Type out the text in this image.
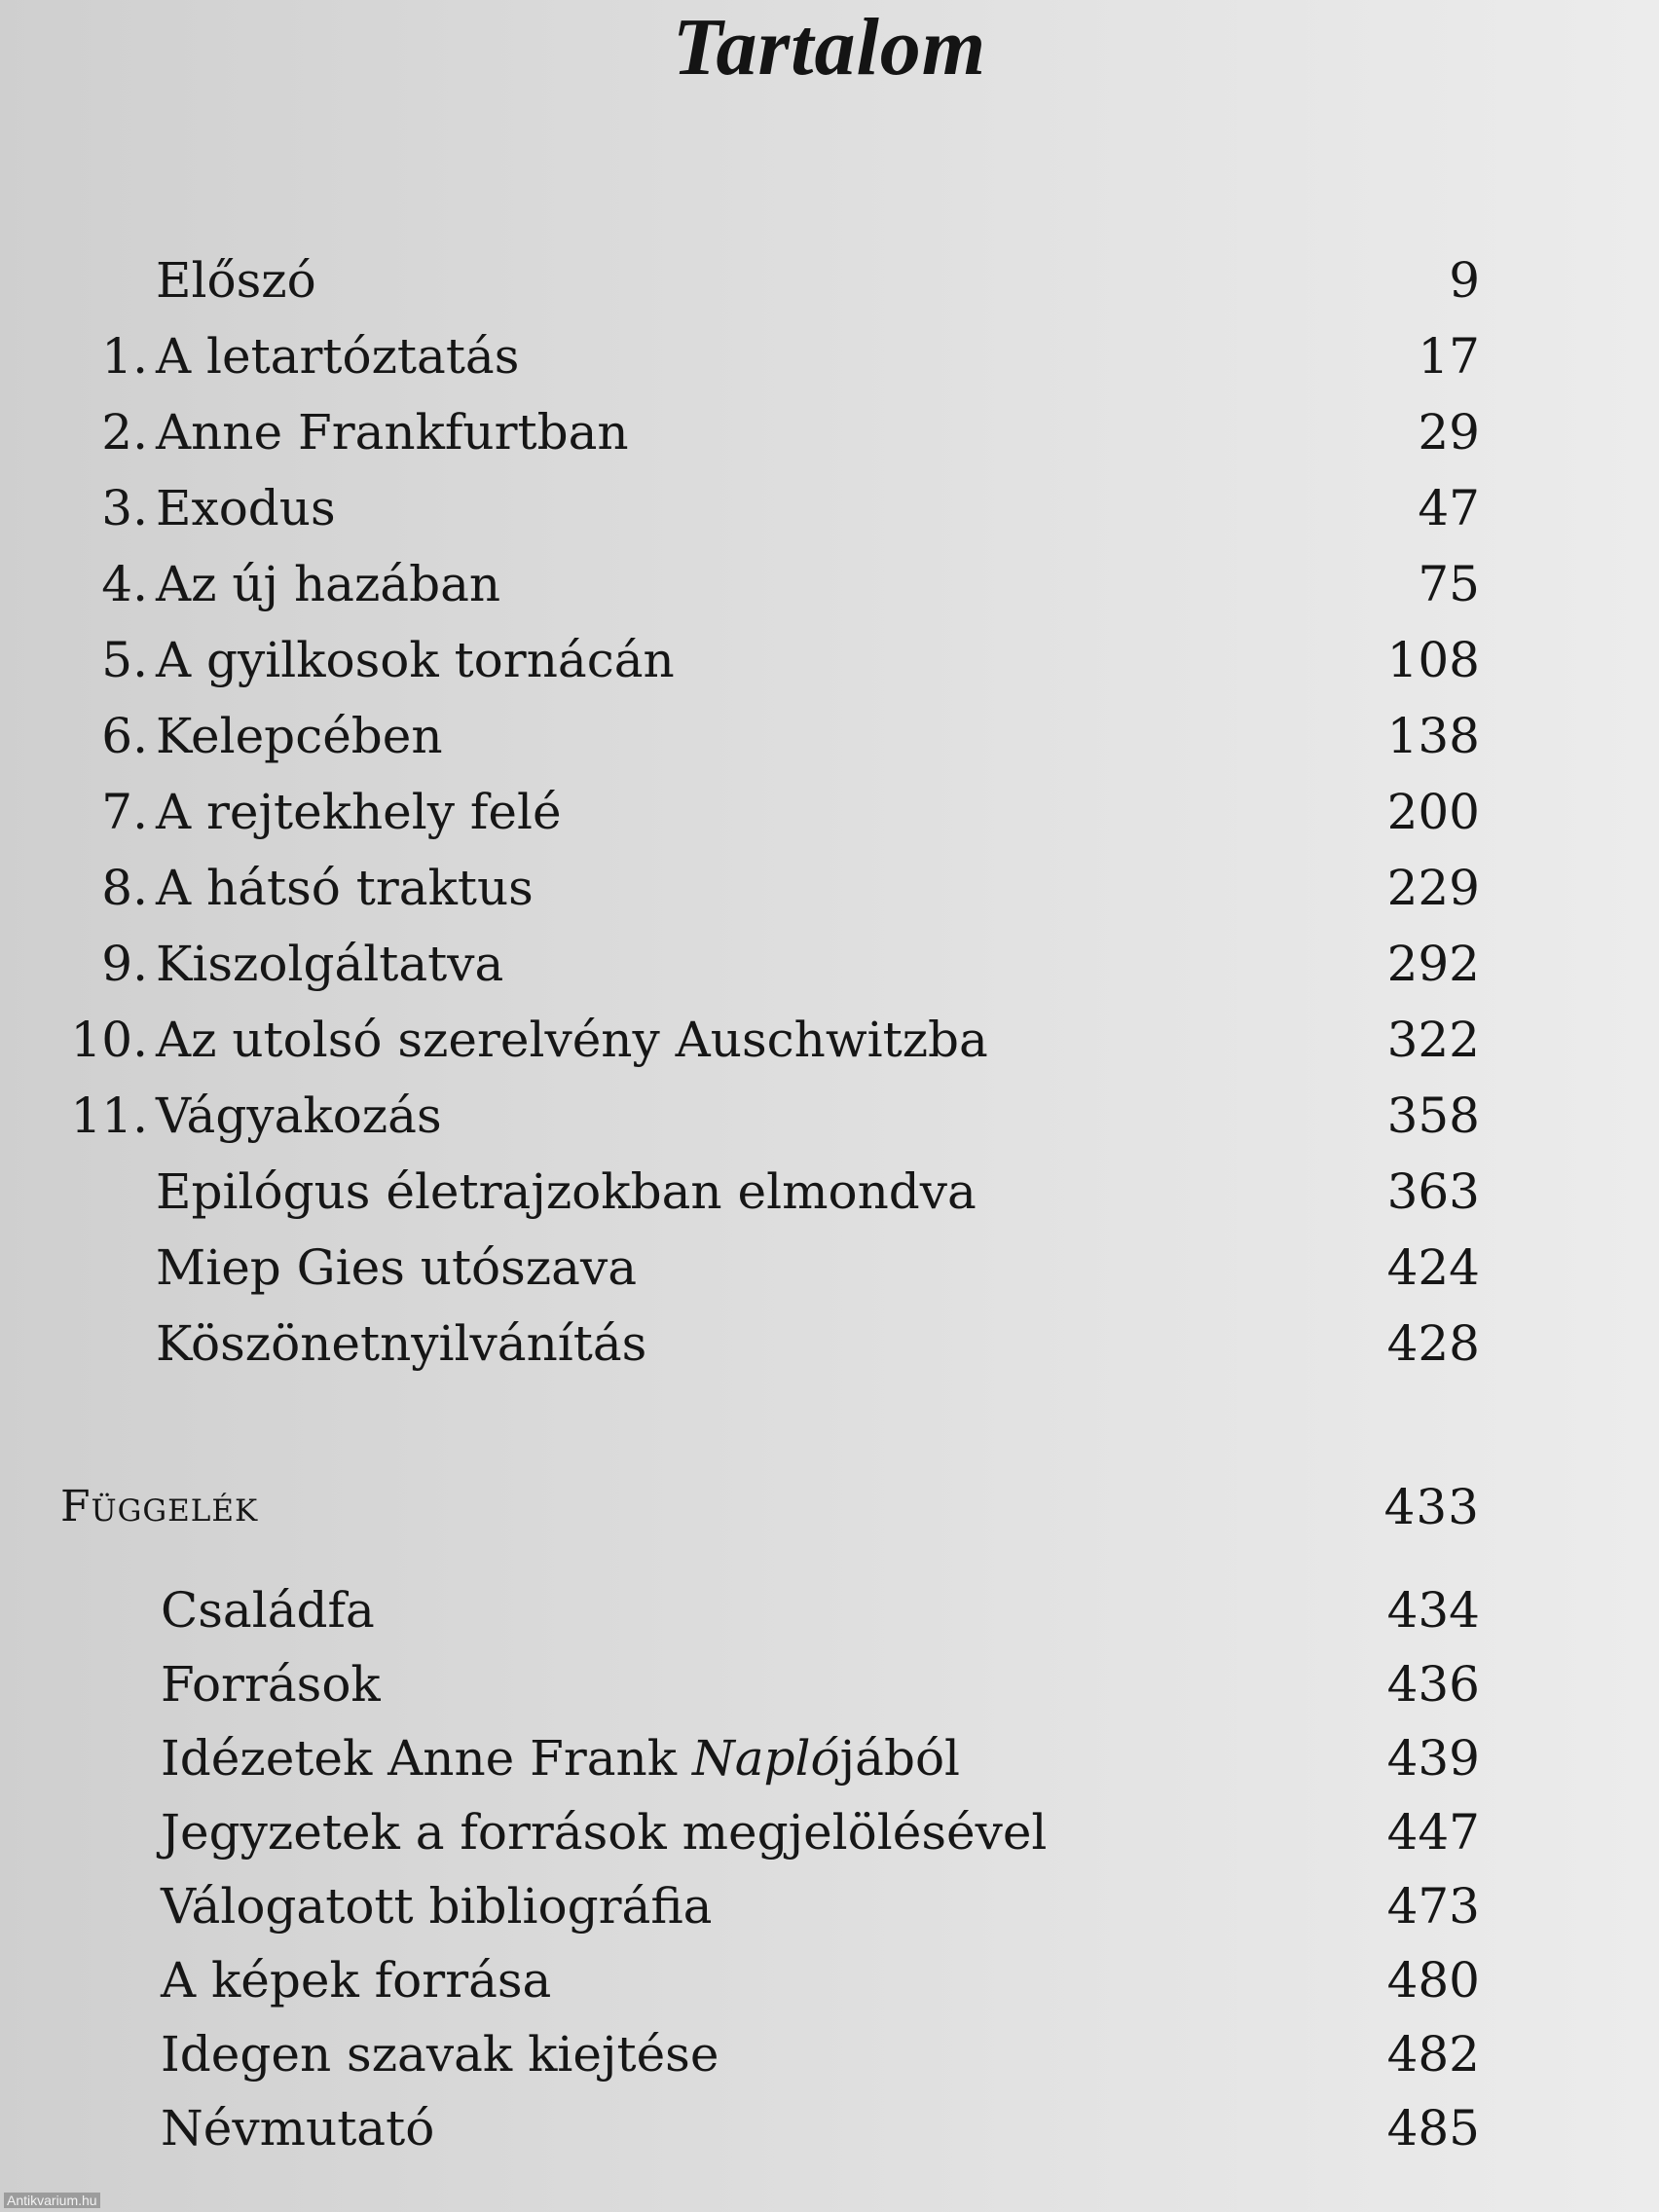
Tartalom
Előszó	9
1. A letartóztatás	17
2. Anne Frankfurtban	29
3. Exodus	47
4. Az új hazában	75
5. A gyilkosok tornácán	108
6. Kelepcében	138
7. A rejtekhely felé	200
8. A hátsó traktus	229
9. Kiszolgáltatva	292
10. Az utolsó szerelvény Auschwitzba	322
11. Vágyakozás	358
Epilógus életrajzokban elmondva	363
Miep Gies utószava	424
Köszönetnyilvánítás	428
Függelék	433
Családfa	434
Források	436
Idézetek Anne Frank Naplójából	439
Jegyzetek a források megjelölésével	447
Válogatott bibliográfia	473
A képek forrása	480
Idegen szavak kiejtése	482
Névmutató	485
Antikvarium.hu
